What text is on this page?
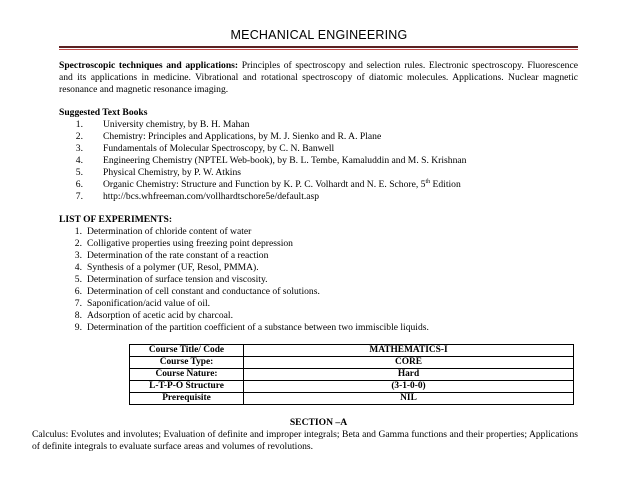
MECHANICAL ENGINEERING
Spectroscopic techniques and applications: Principles of spectroscopy and selection rules. Electronic spectroscopy. Fluorescence and its applications in medicine. Vibrational and rotational spectroscopy of diatomic molecules. Applications. Nuclear magnetic resonance and magnetic resonance imaging.
Suggested Text Books
1.	University chemistry, by B. H. Mahan
2.	Chemistry: Principles and Applications, by M. J. Sienko and R. A. Plane
3.	Fundamentals of Molecular Spectroscopy, by C. N. Banwell
4.	Engineering Chemistry (NPTEL Web-book), by B. L. Tembe, Kamaluddin and M. S. Krishnan
5.	Physical Chemistry, by P. W. Atkins
6.	Organic Chemistry: Structure and Function by K. P. C. Volhardt and N. E. Schore, 5th Edition
7.	http://bcs.whfreeman.com/vollhardtschore5e/default.asp
LIST OF EXPERIMENTS:
1. Determination of chloride content of water
2. Colligative properties using freezing point depression
3. Determination of the rate constant of a reaction
4. Synthesis of a polymer (UF, Resol, PMMA).
5. Determination of surface tension and viscosity.
6. Determination of cell constant and conductance of solutions.
7. Saponification/acid value of oil.
8. Adsorption of acetic acid by charcoal.
9. Determination of the partition coefficient of a substance between two immiscible liquids.
Course Title/ Code	MATHEMATICS-I
Course Type:	CORE
Course Nature:	Hard
L-T-P-O Structure	(3-1-0-0)
Prerequisite	NIL
SECTION –A
Calculus: Evolutes and involutes; Evaluation of definite and improper integrals; Beta and Gamma functions and their properties; Applications of definite integrals to evaluate surface areas and volumes of revolutions.
